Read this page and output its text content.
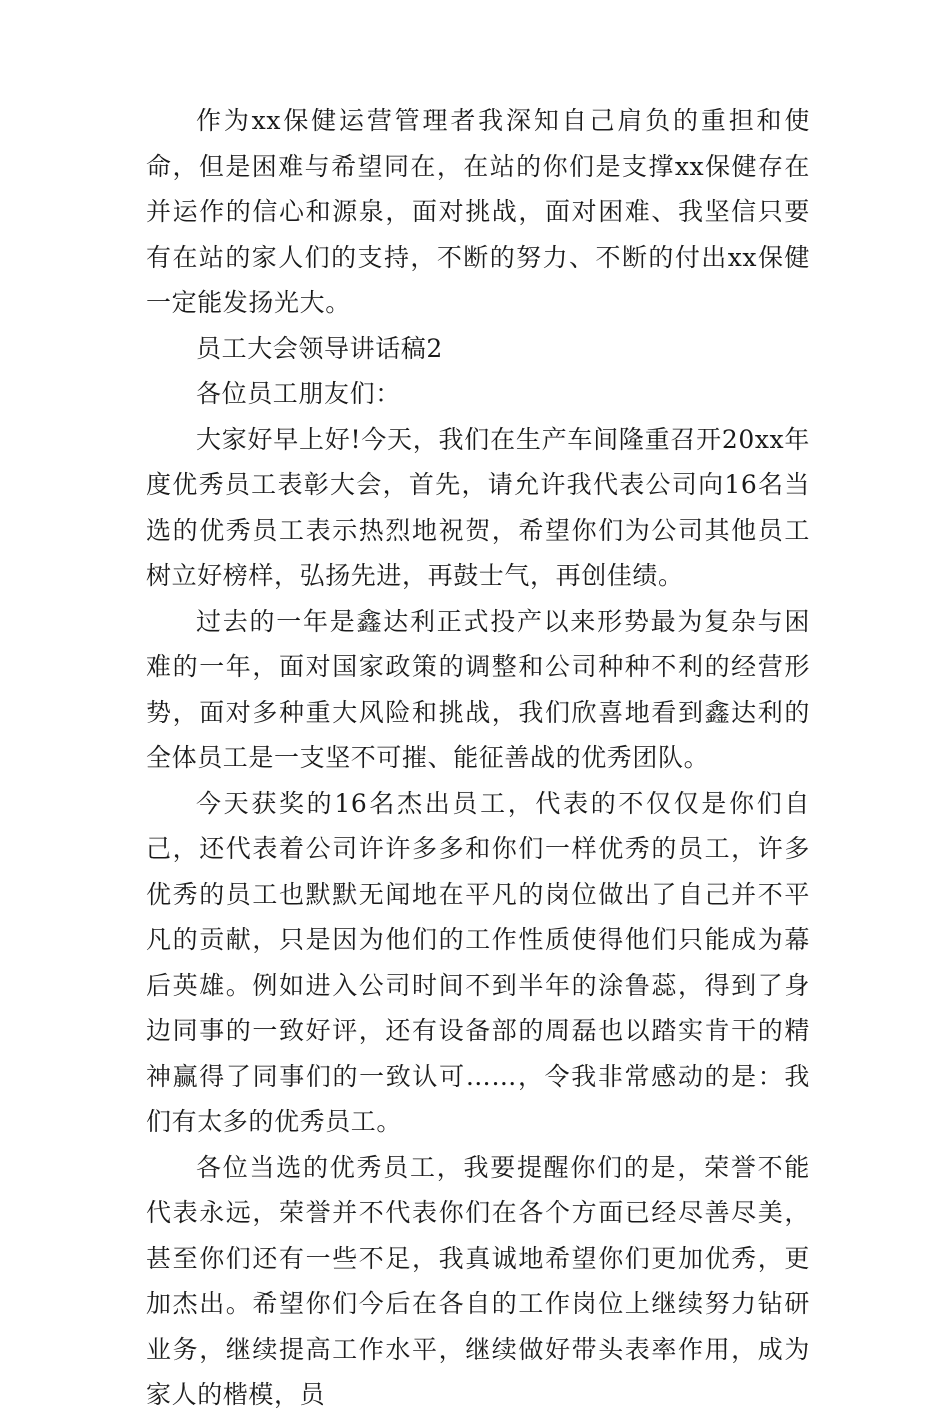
作为xx保健运营管理者我深知自己肩负的重担和使命，但是困难与希望同在，在站的你们是支撑xx保健存在并运作的信心和源泉，面对挑战，面对困难、我坚信只要有在站的家人们的支持，不断的努力、不断的付出xx保健一定能发扬光大。

员工大会领导讲话稿2

各位员工朋友们：

大家好早上好!今天，我们在生产车间隆重召开20xx年度优秀员工表彰大会，首先，请允许我代表公司向16名当选的优秀员工表示热烈地祝贺，希望你们为公司其他员工树立好榜样，弘扬先进，再鼓士气，再创佳绩。

过去的一年是鑫达利正式投产以来形势最为复杂与困难的一年，面对国家政策的调整和公司种种不利的经营形势，面对多种重大风险和挑战，我们欣喜地看到鑫达利的全体员工是一支坚不可摧、能征善战的优秀团队。

今天获奖的16名杰出员工，代表的不仅仅是你们自己，还代表着公司许许多多和你们一样优秀的员工，许多优秀的员工也默默无闻地在平凡的岗位做出了自己并不平凡的贡献，只是因为他们的工作性质使得他们只能成为幕后英雄。例如进入公司时间不到半年的涂鲁蕊，得到了身边同事的一致好评，还有设备部的周磊也以踏实肯干的精神赢得了同事们的一致认可……，令我非常感动的是：我们有太多的优秀员工。

各位当选的优秀员工，我要提醒你们的是，荣誉不能代表永远，荣誉并不代表你们在各个方面已经尽善尽美，甚至你们还有一些不足，我真诚地希望你们更加优秀，更加杰出。希望你们今后在各自的工作岗位上继续努力钻研业务，继续提高工作水平，继续做好带头表率作用，成为家人的楷模，员
